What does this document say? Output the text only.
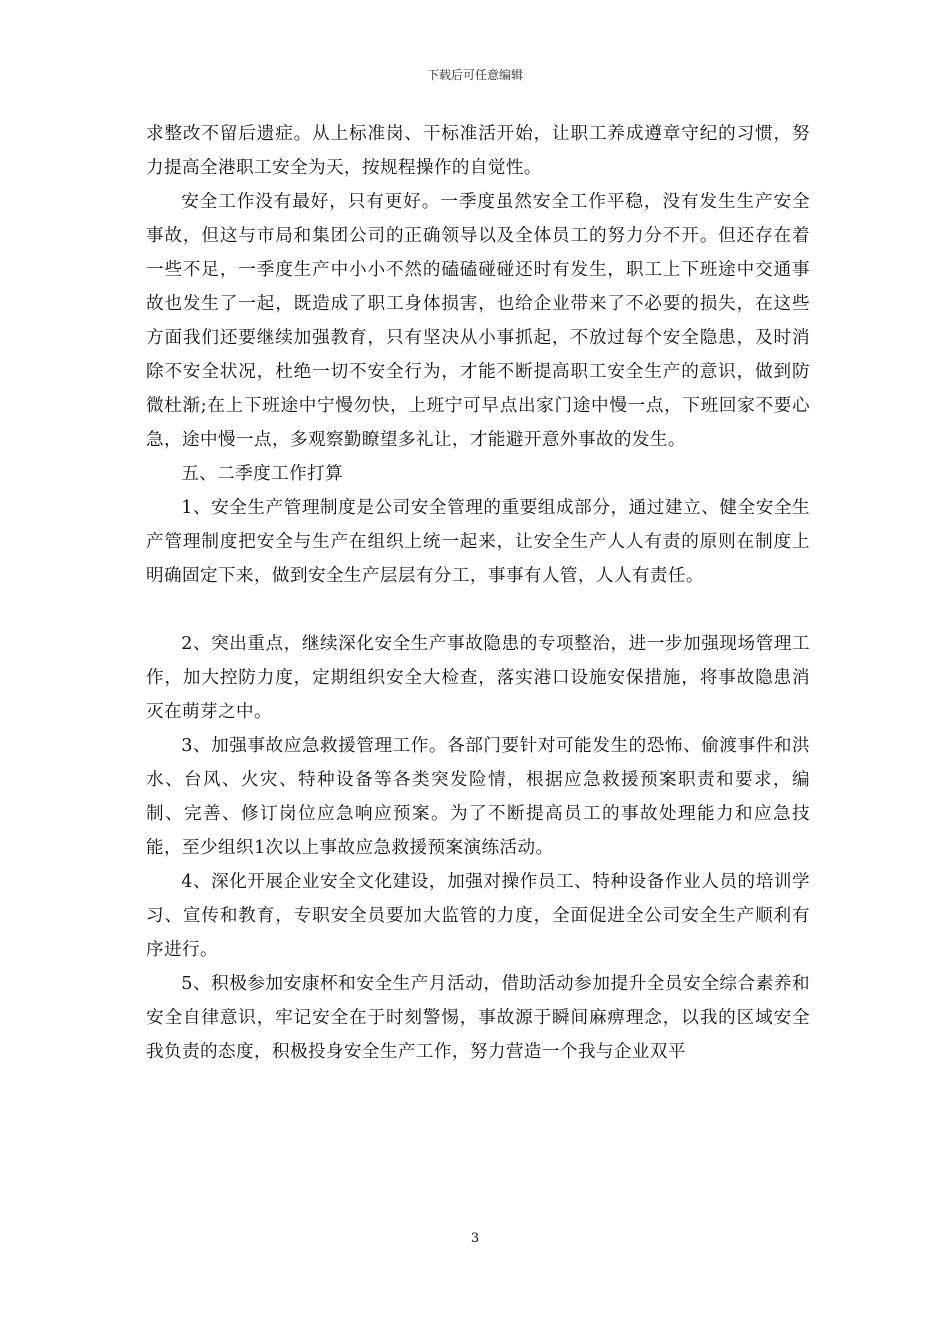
下载后可任意编辑

求整改不留后遗症。从上标准岗、干标准活开始，让职工养成遵章守纪的习惯，努力提高全港职工安全为天，按规程操作的自觉性。

安全工作没有最好，只有更好。一季度虽然安全工作平稳，没有发生生产安全事故，但这与市局和集团公司的正确领导以及全体员工的努力分不开。但还存在着一些不足，一季度生产中小小不然的磕磕碰碰还时有发生，职工上下班途中交通事故也发生了一起，既造成了职工身体损害，也给企业带来了不必要的损失，在这些方面我们还要继续加强教育，只有坚决从小事抓起，不放过每个安全隐患，及时消除不安全状况，杜绝一切不安全行为，才能不断提高职工安全生产的意识，做到防微杜渐;在上下班途中宁慢勿快，上班宁可早点出家门途中慢一点，下班回家不要心急，途中慢一点，多观察勤瞭望多礼让，才能避开意外事故的发生。

五、二季度工作打算

1、安全生产管理制度是公司安全管理的重要组成部分，通过建立、健全安全生产管理制度把安全与生产在组织上统一起来，让安全生产人人有责的原则在制度上明确固定下来，做到安全生产层层有分工，事事有人管，人人有责任。

2、突出重点，继续深化安全生产事故隐患的专项整治，进一步加强现场管理工作，加大控防力度，定期组织安全大检查，落实港口设施安保措施，将事故隐患消灭在萌芽之中。

3、加强事故应急救援管理工作。各部门要针对可能发生的恐怖、偷渡事件和洪水、台风、火灾、特种设备等各类突发险情，根据应急救援预案职责和要求，编制、完善、修订岗位应急响应预案。为了不断提高员工的事故处理能力和应急技能，至少组织1次以上事故应急救援预案演练活动。

4、深化开展企业安全文化建设，加强对操作员工、特种设备作业人员的培训学习、宣传和教育，专职安全员要加大监管的力度，全面促进全公司安全生产顺利有序进行。

5、积极参加安康杯和安全生产月活动，借助活动参加提升全员安全综合素养和安全自律意识，牢记安全在于时刻警惕，事故源于瞬间麻痹理念，以我的区域安全我负责的态度，积极投身安全生产工作，努力营造一个我与企业双平

3
